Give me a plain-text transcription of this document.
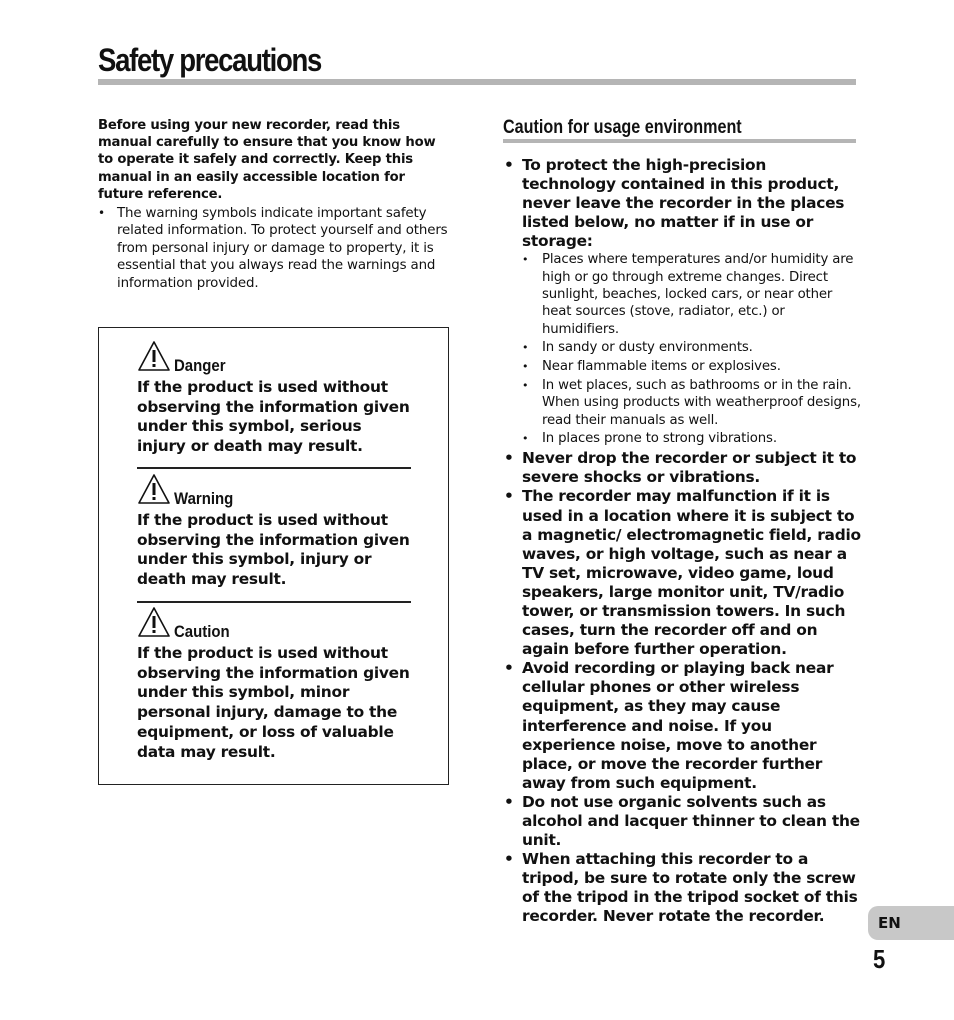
Safety precautions

Before using your new recorder, read this manual carefully to ensure that you know how to operate it safely and correctly. Keep this manual in an easily accessible location for future reference.

• The warning symbols indicate important safety related information. To protect yourself and others from personal injury or damage to property, it is essential that you always read the warnings and information provided.
Danger

If the product is used without observing the information given under this symbol, serious injury or death may result.

Warning

If the product is used without observing the information given under this symbol, injury or death may result.

Caution

If the product is used without observing the information given under this symbol, minor personal injury, damage to the equipment, or loss of valuable data may result.

Caution for usage environment
• To protect the high-precision technology contained in this product, never leave the recorder in the places listed below, no matter if in use or storage:
• Places where temperatures and/or humidity are high or go through extreme changes. Direct sunlight, beaches, locked cars, or near other heat sources (stove, radiator, etc.) or humidifiers.
• In sandy or dusty environments.
• Near flammable items or explosives.
• In wet places, such as bathrooms or in the rain. When using products with weatherproof designs, read their manuals as well.
• In places prone to strong vibrations.
• Never drop the recorder or subject it to severe shocks or vibrations.
• The recorder may malfunction if it is used in a location where it is subject to a magnetic/ electromagnetic field, radio waves, or high voltage, such as near a TV set, microwave, video game, loud speakers, large monitor unit, TV/radio tower, or transmission towers. In such cases, turn the recorder off and on again before further operation.
• Avoid recording or playing back near cellular phones or other wireless equipment, as they may cause interference and noise. If you experience noise, move to another place, or move the recorder further away from such equipment.
• Do not use organic solvents such as alcohol and lacquer thinner to clean the unit.
• When attaching this recorder to a tripod, be sure to rotate only the screw of the tripod in the tripod socket of this recorder. Never rotate the recorder.	EN
5
